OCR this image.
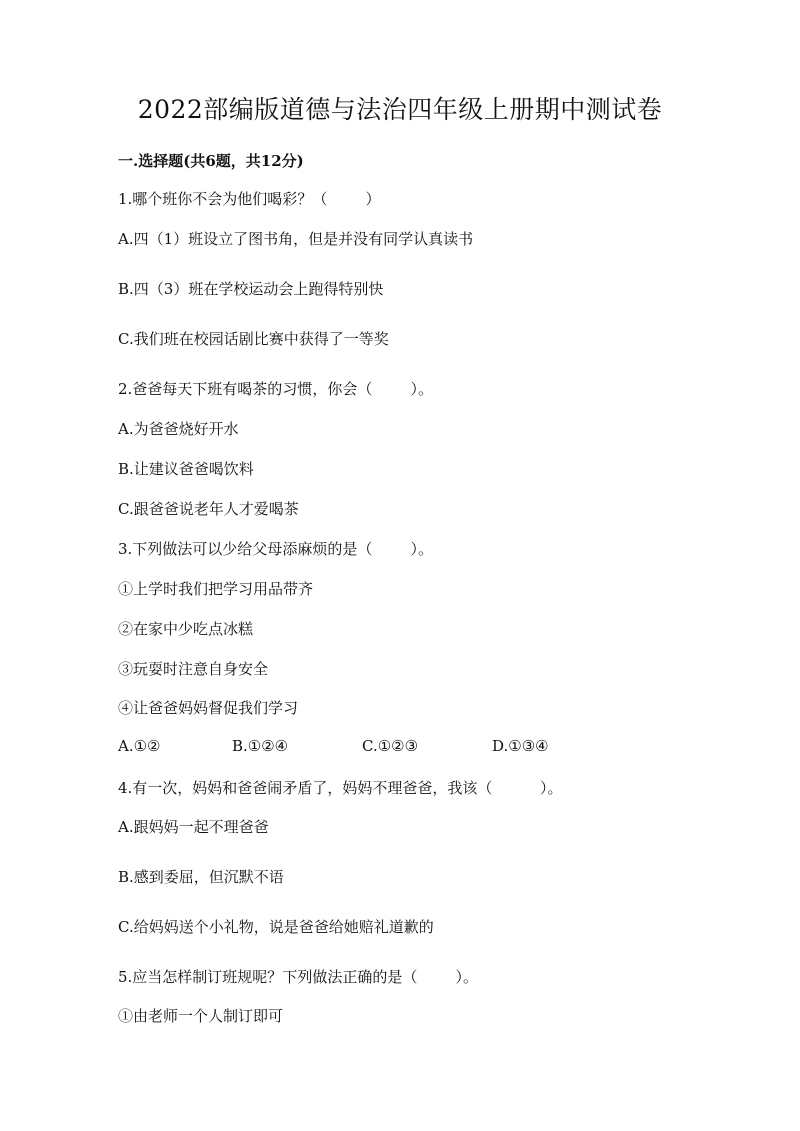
2022部编版道德与法治四年级上册期中测试卷
一.选择题(共6题，共12分)
1.哪个班你不会为他们喝彩？（        ）
A.四（1）班设立了图书角，但是并没有同学认真读书
B.四（3）班在学校运动会上跑得特别快
C.我们班在校园话剧比赛中获得了一等奖
2.爸爸每天下班有喝茶的习惯，你会（        ）。
A.为爸爸烧好开水
B.让建议爸爸喝饮料
C.跟爸爸说老年人才爱喝茶
3.下列做法可以少给父母添麻烦的是（        ）。
①上学时我们把学习用品带齐
②在家中少吃点冰糕
③玩耍时注意自身安全
④让爸爸妈妈督促我们学习
A.①②	B.①②④	C.①②③	D.①③④
4.有一次，妈妈和爸爸闹矛盾了，妈妈不理爸爸，我该（          ）。
A.跟妈妈一起不理爸爸
B.感到委屈，但沉默不语
C.给妈妈送个小礼物，说是爸爸给她赔礼道歉的
5.应当怎样制订班规呢？下列做法正确的是（        ）。
①由老师一个人制订即可
